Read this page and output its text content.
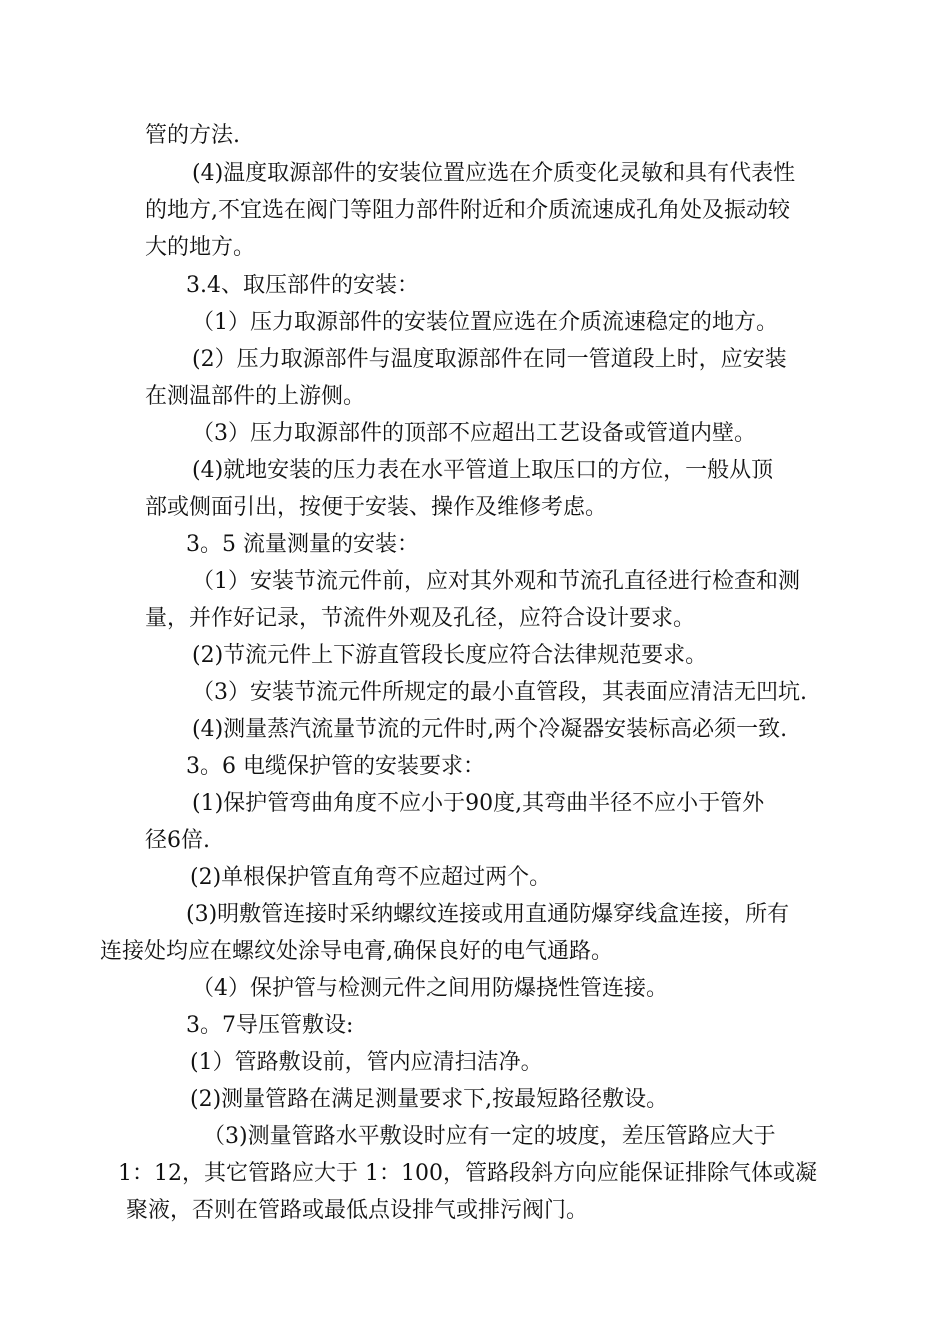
管的方法.
(4)温度取源部件的安装位置应选在介质变化灵敏和具有代表性
的地方,不宜选在阀门等阻力部件附近和介质流速成孔角处及振动较
大的地方。
3.4、取压部件的安装：
（1）压力取源部件的安装位置应选在介质流速稳定的地方。
(2）压力取源部件与温度取源部件在同一管道段上时，应安装
在测温部件的上游侧。
（3）压力取源部件的顶部不应超出工艺设备或管道内壁。
(4)就地安装的压力表在水平管道上取压口的方位，一般从顶
部或侧面引出，按便于安装、操作及维修考虑。
3。5 流量测量的安装：
（1）安装节流元件前，应对其外观和节流孔直径进行检查和测
量，并作好记录，节流件外观及孔径，应符合设计要求。
(2)节流元件上下游直管段长度应符合法律规范要求。
（3）安装节流元件所规定的最小直管段，其表面应清洁无凹坑.
(4)测量蒸汽流量节流的元件时,两个冷凝器安装标高必须一致.
3。6 电缆保护管的安装要求：
(1)保护管弯曲角度不应小于90度,其弯曲半径不应小于管外
径6倍.
(2)单根保护管直角弯不应超过两个。
(3)明敷管连接时采纳螺纹连接或用直通防爆穿线盒连接，所有
连接处均应在螺纹处涂导电膏,确保良好的电气通路。
（4）保护管与检测元件之间用防爆挠性管连接。
3。7导压管敷设:
(1）管路敷设前，管内应清扫洁净。
(2)测量管路在满足测量要求下,按最短路径敷设。
（3)测量管路水平敷设时应有一定的坡度，差压管路应大于
1：12，其它管路应大于 1：100，管路段斜方向应能保证排除气体或凝
聚液，否则在管路或最低点设排气或排污阀门。
